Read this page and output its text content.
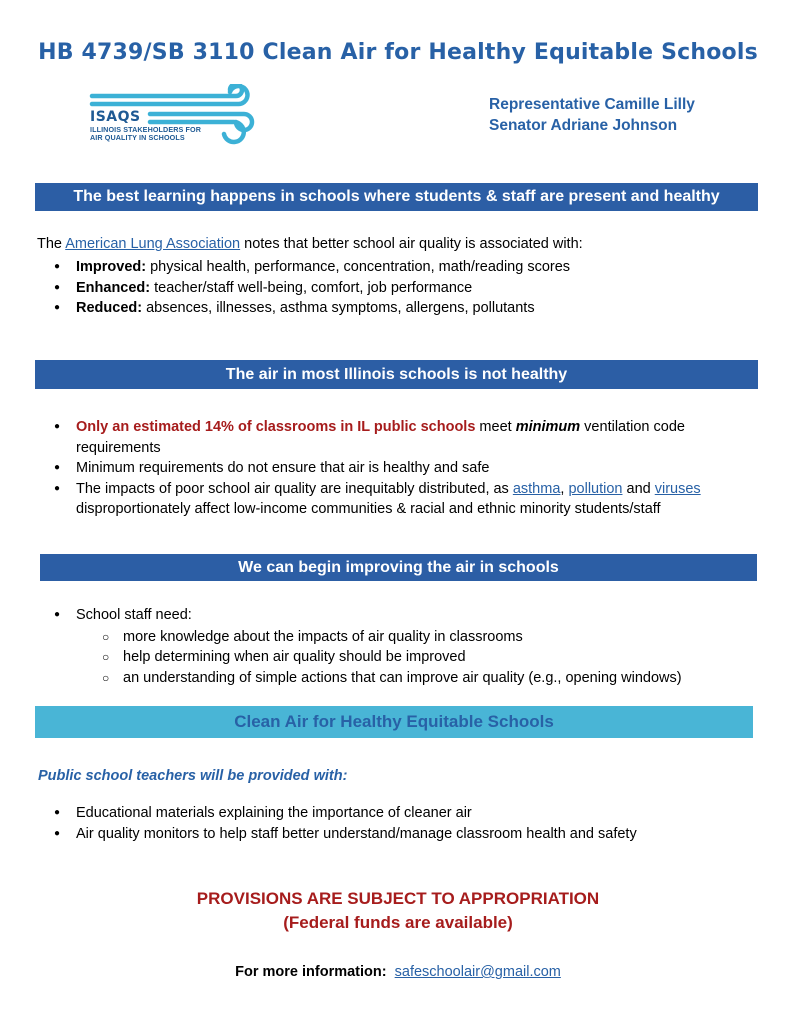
HB 4739/SB 3110 Clean Air for Healthy Equitable Schools
ISAQS
ILLINOIS STAKEHOLDERS FOR
AIR QUALITY IN SCHOOLS
Representative Camille Lilly
Senator Adriane Johnson
The best learning happens in schools where students & staff are present and healthy
The American Lung Association notes that better school air quality is associated with:
● Improved: physical health, performance, concentration, math/reading scores
● Enhanced: teacher/staff well-being, comfort, job performance
● Reduced: absences, illnesses, asthma symptoms, allergens, pollutants
The air in most Illinois schools is not healthy
● Only an estimated 14% of classrooms in IL public schools meet minimum ventilation code requirements
● Minimum requirements do not ensure that air is healthy and safe
● The impacts of poor school air quality are inequitably distributed, as asthma, pollution and viruses
disproportionately affect low-income communities & racial and ethnic minority students/staff
We can begin improving the air in schools
● School staff need:
○ more knowledge about the impacts of air quality in classrooms
○ help determining when air quality should be improved
○ an understanding of simple actions that can improve air quality (e.g., opening windows)
Clean Air for Healthy Equitable Schools
Public school teachers will be provided with:
● Educational materials explaining the importance of cleaner air
● Air quality monitors to help staff better understand/manage classroom health and safety
PROVISIONS ARE SUBJECT TO APPROPRIATION
(Federal funds are available)
For more information: safeschoolair@gmail.com
